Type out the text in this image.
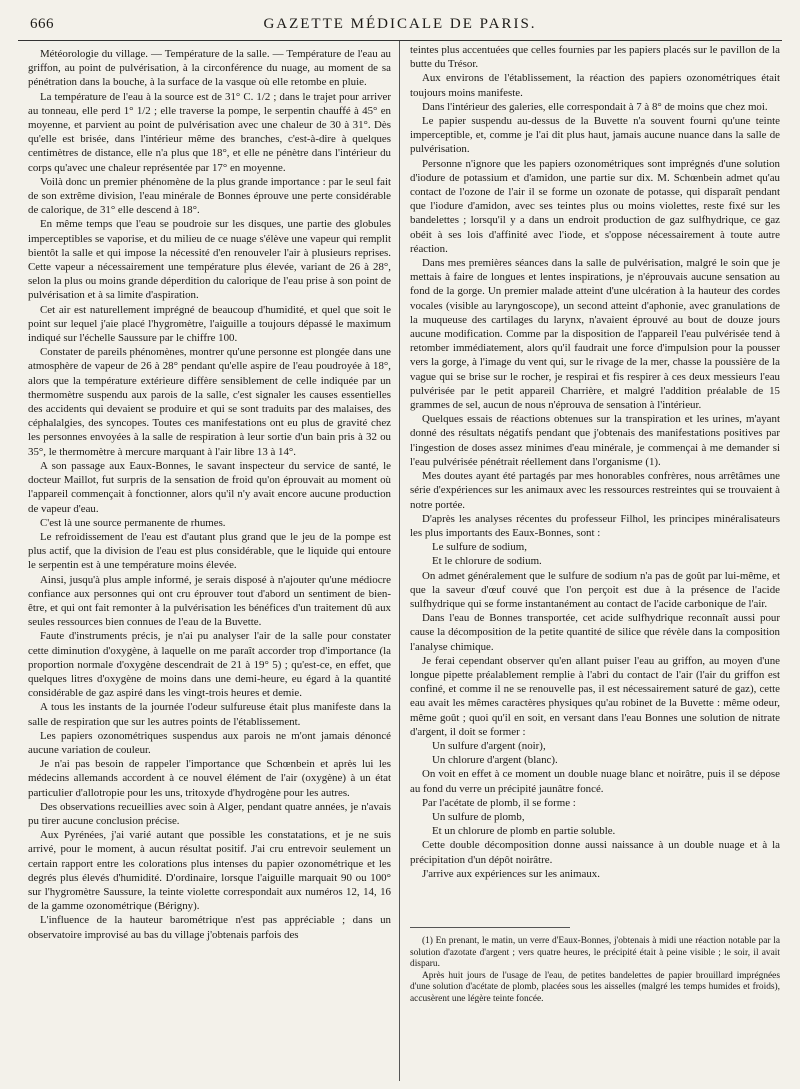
666	GAZETTE MÉDICALE DE PARIS.

Météorologie du village. — Température de la salle. — Température de l'eau au griffon, au point de pulvérisation, à la circonférence du nuage, au moment de sa pénétration dans la bouche, à la surface de la vasque où elle retombe en pluie.

La température de l'eau à la source est de 31° C. 1/2 ; dans le trajet pour arriver au tonneau, elle perd 1° 1/2 ; elle traverse la pompe, le serpentin chauffé à 45° en moyenne, et parvient au point de pulvérisation avec une chaleur de 30 à 31°. Dès qu'elle est brisée, dans l'intérieur même des branches, c'est-à-dire à quelques centimètres de distance, elle n'a plus que 18°, et elle ne pénètre dans l'intérieur du corps qu'avec une chaleur représentée par 17° en moyenne.

Voilà donc un premier phénomène de la plus grande importance : par le seul fait de son extrême division, l'eau minérale de Bonnes éprouve une perte considérable de calorique, de 31° elle descend à 18°.

En même temps que l'eau se poudroie sur les disques, une partie des globules imperceptibles se vaporise, et du milieu de ce nuage s'élève une vapeur qui remplit bientôt la salle et qui impose la nécessité d'en renouveler l'air à plusieurs reprises. Cette vapeur a nécessairement une température plus élevée, variant de 26 à 28°, selon la plus ou moins grande déperdition du calorique de l'eau prise à son point de pulvérisation et à sa limite d'aspiration.

Cet air est naturellement imprégné de beaucoup d'humidité, et quel que soit le point sur lequel j'aie placé l'hygromètre, l'aiguille a toujours dépassé le maximum indiqué sur l'échelle Saussure par le chiffre 100.

Constater de pareils phénomènes, montrer qu'une personne est plongée dans une atmosphère de vapeur de 26 à 28° pendant qu'elle aspire de l'eau poudroyée à 18°, alors que la température extérieure diffère sensiblement de celle indiquée par un thermomètre suspendu aux parois de la salle, c'est signaler les causes essentielles des accidents qui devaient se produire et qui se sont traduits par des malaises, des céphalalgies, des syncopes. Toutes ces manifestations ont eu plus de gravité chez les personnes envoyées à la salle de respiration à leur sortie d'un bain pris à 32 ou 35°, le thermomètre à mercure marquant à l'air libre 13 à 14°.

A son passage aux Eaux-Bonnes, le savant inspecteur du service de santé, le docteur Maillot, fut surpris de la sensation de froid qu'on éprouvait au moment où l'appareil commençait à fonctionner, alors qu'il n'y avait encore aucune production de vapeur d'eau.

C'est là une source permanente de rhumes.

Le refroidissement de l'eau est d'autant plus grand que le jeu de la pompe est plus actif, que la division de l'eau est plus considérable, que le liquide qui entoure le serpentin est à une température moins élevée.

Ainsi, jusqu'à plus ample informé, je serais disposé à n'ajouter qu'une médiocre confiance aux personnes qui ont cru éprouver tout d'abord un sentiment de bien-être, et qui ont fait remonter à la pulvérisation les bénéfices d'un traitement dû aux seules ressources bien connues de l'eau de la Buvette.

Faute d'instruments précis, je n'ai pu analyser l'air de la salle pour constater cette diminution d'oxygène, à laquelle on me paraît accorder trop d'importance (la proportion normale d'oxygène descendrait de 21 à 19° 5) ; qu'est-ce, en effet, que quelques litres d'oxygène de moins dans une demi-heure, eu égard à la quantité considérable de gaz aspiré dans les vingt-trois heures et demie.

A tous les instants de la journée l'odeur sulfureuse était plus manifeste dans la salle de respiration que sur les autres points de l'établissement.

Les papiers ozonométriques suspendus aux parois ne m'ont jamais dénoncé aucune variation de couleur.

Je n'ai pas besoin de rappeler l'importance que Schœnbein et après lui les médecins allemands accordent à ce nouvel élément de l'air (oxygène) à un état particulier d'allotropie pour les uns, tritoxyde d'hydrogène pour les autres.

Des observations recueillies avec soin à Alger, pendant quatre années, je n'avais pu tirer aucune conclusion précise.

Aux Pyrénées, j'ai varié autant que possible les constatations, et je ne suis arrivé, pour le moment, à aucun résultat positif. J'ai cru entrevoir seulement un certain rapport entre les colorations plus intenses du papier ozonométrique et les degrés plus élevés d'humidité. D'ordinaire, lorsque l'aiguille marquait 90 ou 100° sur l'hygromètre Saussure, la teinte violette correspondait aux numéros 12, 14, 16 de la gamme ozonométrique (Bérigny).

L'influence de la hauteur barométrique n'est pas appréciable ; dans un observatoire improvisé au bas du village j'obtenais parfois des

teintes plus accentuées que celles fournies par les papiers placés sur le pavillon de la butte du Trésor.

Aux environs de l'établissement, la réaction des papiers ozonométriques était toujours moins manifeste.

Dans l'intérieur des galeries, elle correspondait à 7 à 8° de moins que chez moi.

Le papier suspendu au-dessus de la Buvette n'a souvent fourni qu'une teinte imperceptible, et, comme je l'ai dit plus haut, jamais aucune nuance dans la salle de pulvérisation.

Personne n'ignore que les papiers ozonométriques sont imprégnés d'une solution d'iodure de potassium et d'amidon, une partie sur dix. M. Schœnbein admet qu'au contact de l'ozone de l'air il se forme un ozonate de potasse, qui disparaît pendant que l'iodure d'amidon, avec ses teintes plus ou moins violettes, reste fixé sur les bandelettes ; lorsqu'il y a dans un endroit production de gaz sulfhydrique, ce gaz obéit à ses lois d'affinité avec l'iode, et s'oppose nécessairement à toute autre réaction.

Dans mes premières séances dans la salle de pulvérisation, malgré le soin que je mettais à faire de longues et lentes inspirations, je n'éprouvais aucune sensation au fond de la gorge. Un premier malade atteint d'une ulcération à la hauteur des cordes vocales (visible au laryngoscope), un second atteint d'aphonie, avec granulations de la muqueuse des cartilages du larynx, n'avaient éprouvé au bout de douze jours aucune modification. Comme par la disposition de l'appareil l'eau pulvérisée tend à retomber immédiatement, alors qu'il faudrait une force d'impulsion pour la pousser vers la gorge, à l'image du vent qui, sur le rivage de la mer, chasse la poussière de la vague qui se brise sur le rocher, je respirai et fis respirer à ces deux messieurs l'eau pulvérisée par le petit appareil Charrière, et malgré l'addition préalable de 15 grammes de sel, aucun de nous n'éprouva de sensation à l'intérieur.

Quelques essais de réactions obtenues sur la transpiration et les urines, m'ayant donné des résultats négatifs pendant que j'obtenais des manifestations positives par l'ingestion de doses assez minimes d'eau minérale, je commençai à me demander si l'eau pulvérisée pénétrait réellement dans l'organisme (1).

Mes doutes ayant été partagés par mes honorables confrères, nous arrêtâmes une série d'expériences sur les animaux avec les ressources restreintes qui se trouvaient à notre portée.

D'après les analyses récentes du professeur Filhol, les principes minéralisateurs les plus importants des Eaux-Bonnes, sont :

Le sulfure de sodium,

Et le chlorure de sodium.

On admet généralement que le sulfure de sodium n'a pas de goût par lui-même, et que la saveur d'œuf couvé que l'on perçoit est due à la présence de l'acide sulfhydrique qui se forme instantanément au contact de l'acide carbonique de l'air.

Dans l'eau de Bonnes transportée, cet acide sulfhydrique reconnaît aussi pour cause la décomposition de la petite quantité de silice que révèle dans la composition l'analyse chimique.

Je ferai cependant observer qu'en allant puiser l'eau au griffon, au moyen d'une longue pipette préalablement remplie à l'abri du contact de l'air (l'air du griffon est confiné, et comme il ne se renouvelle pas, il est nécessairement saturé de gaz), cette eau avait les mêmes caractères physiques qu'au robinet de la Buvette : même odeur, même goût ; quoi qu'il en soit, en versant dans l'eau Bonnes une solution de nitrate d'argent, il doit se former :

Un sulfure d'argent (noir),

Un chlorure d'argent (blanc).

On voit en effet à ce moment un double nuage blanc et noirâtre, puis il se dépose au fond du verre un précipité jaunâtre foncé.

Par l'acétate de plomb, il se forme :

Un sulfure de plomb,

Et un chlorure de plomb en partie soluble.

Cette double décomposition donne aussi naissance à un double nuage et à la précipitation d'un dépôt noirâtre.

J'arrive aux expériences sur les animaux.

(1) En prenant, le matin, un verre d'Eaux-Bonnes, j'obtenais à midi une réaction notable par la solution d'azotate d'argent ; vers quatre heures, le précipité était à peine visible ; le soir, il avait disparu.

Après huit jours de l'usage de l'eau, de petites bandelettes de papier brouillard imprégnées d'une solution d'acétate de plomb, placées sous les aisselles (malgré les temps humides et froids), accusèrent une légère teinte foncée.
